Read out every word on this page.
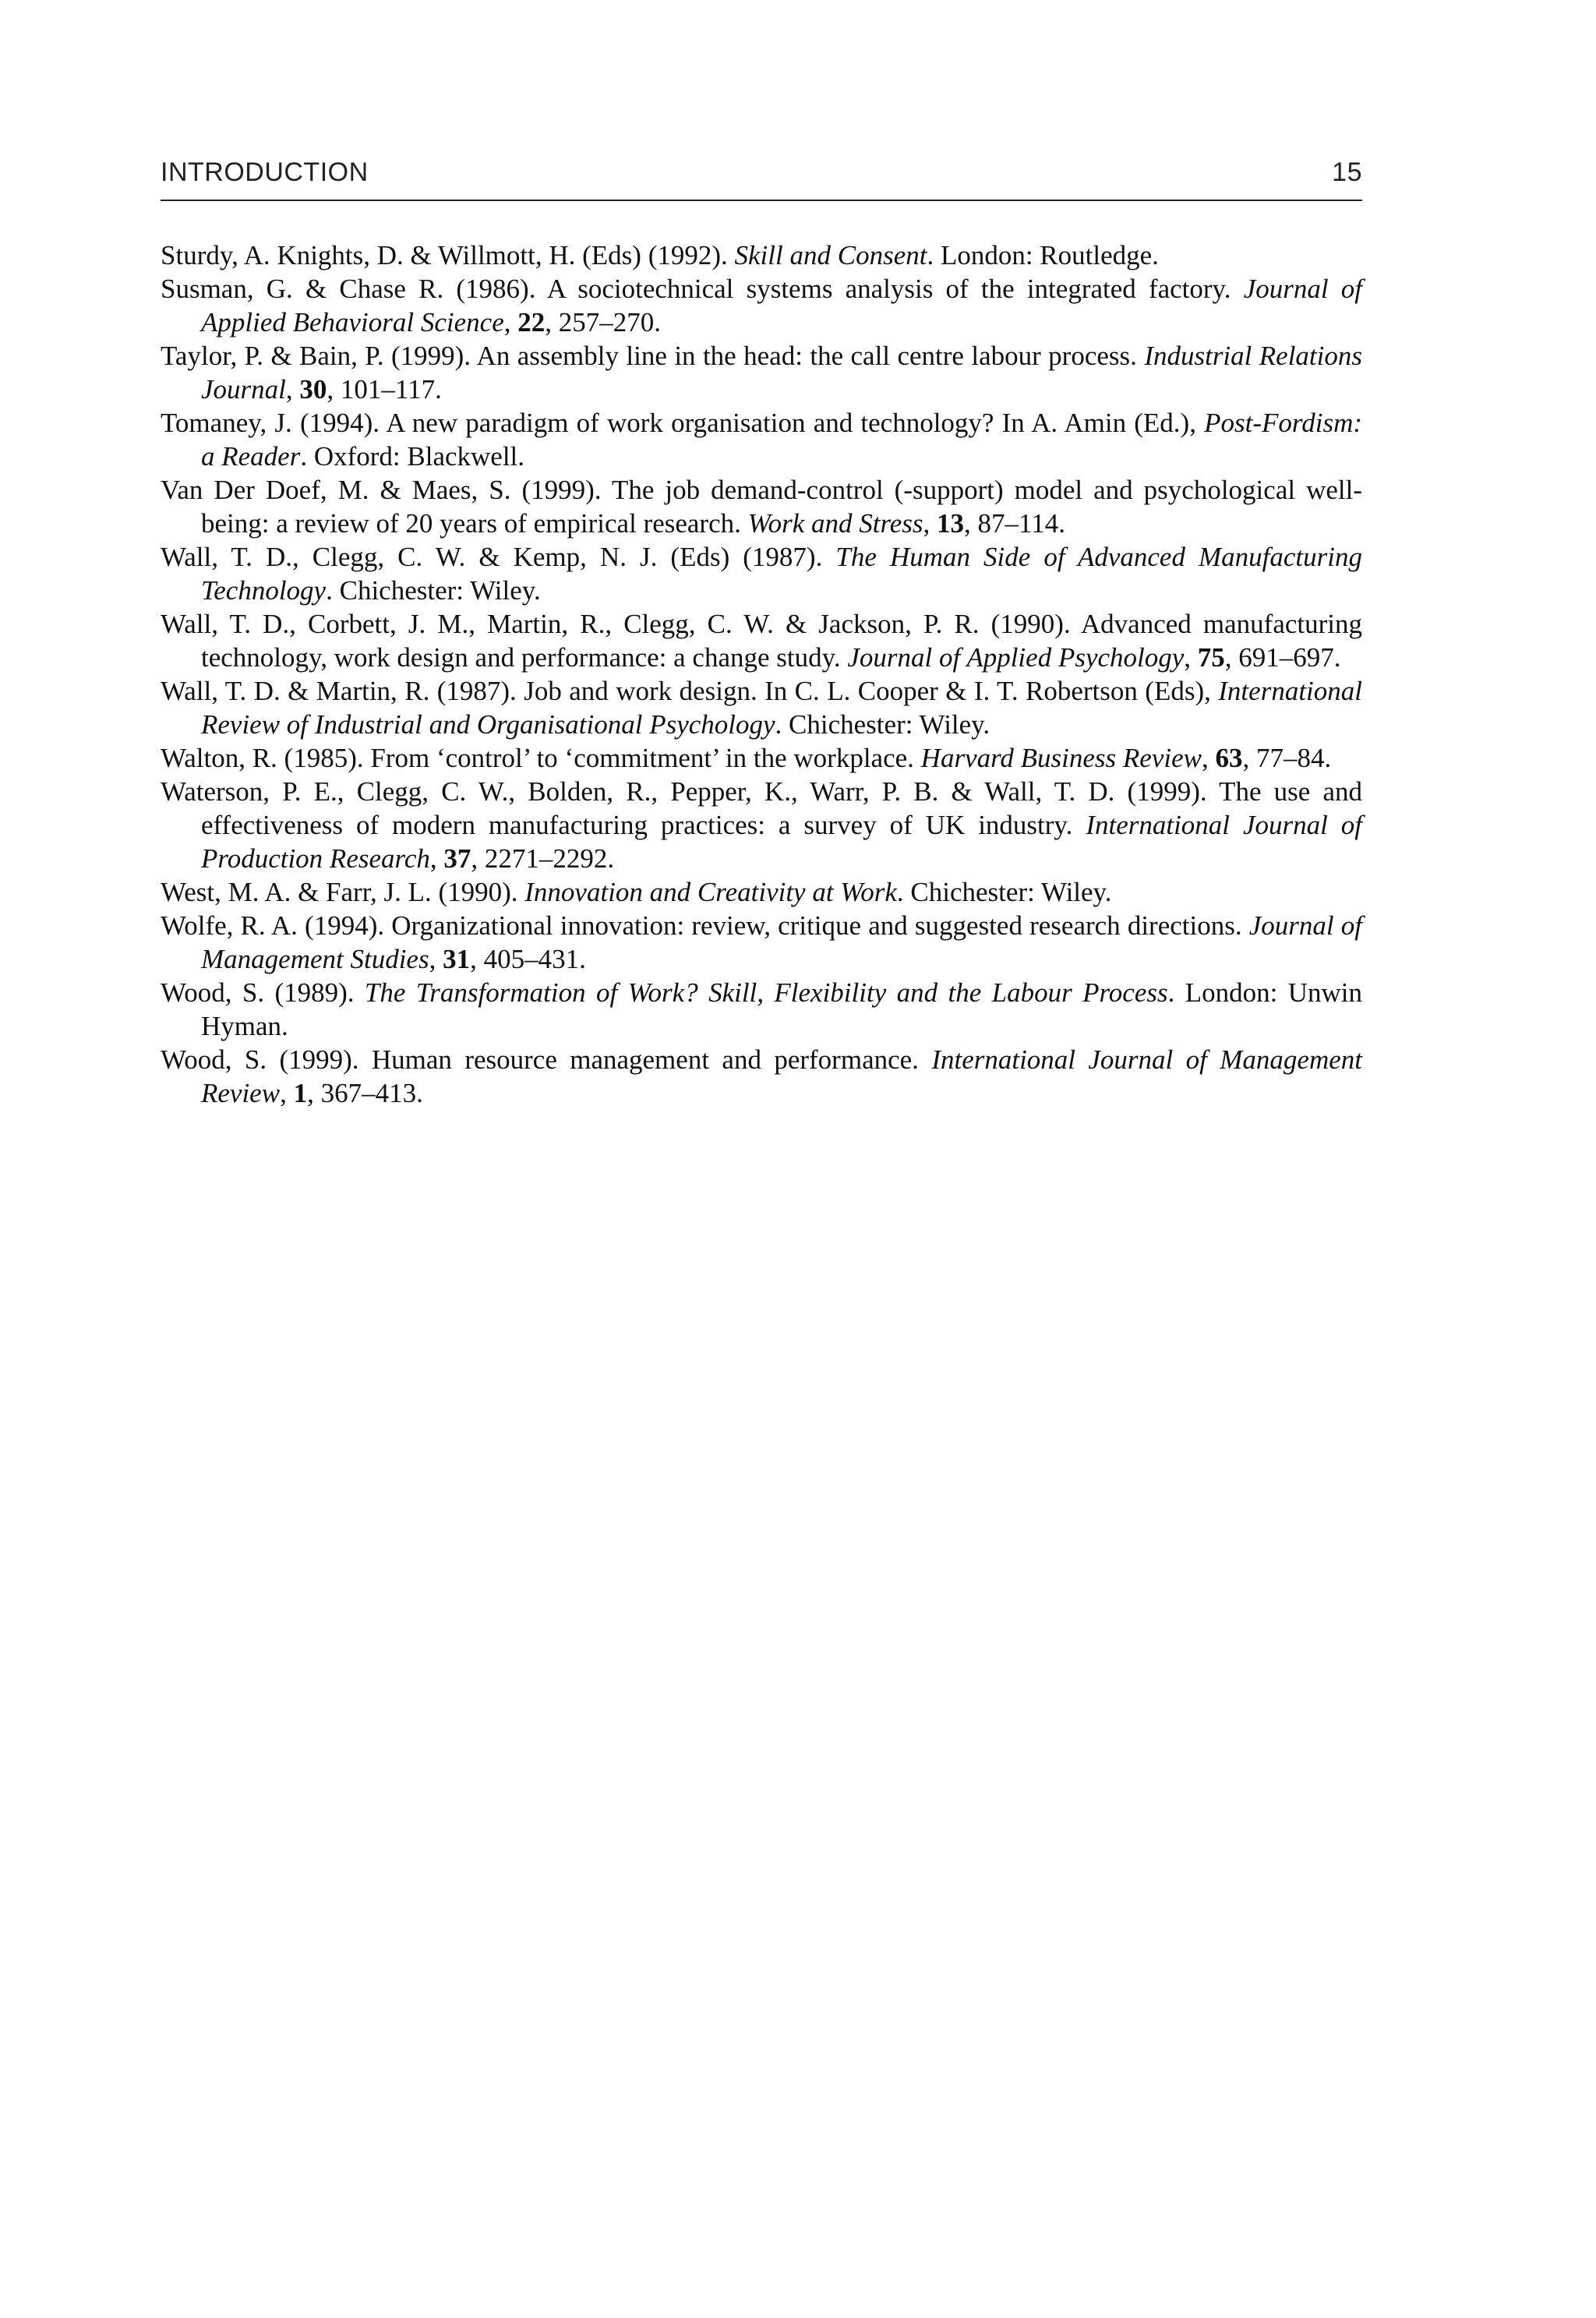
INTRODUCTION	15

Sturdy, A. Knights, D. & Willmott, H. (Eds) (1992). Skill and Consent. London: Routledge.

Susman, G. & Chase R. (1986). A sociotechnical systems analysis of the integrated factory. Journal of Applied Behavioral Science, 22, 257–270.

Taylor, P. & Bain, P. (1999). An assembly line in the head: the call centre labour process. Industrial Relations Journal, 30, 101–117.

Tomaney, J. (1994). A new paradigm of work organisation and technology? In A. Amin (Ed.), Post-Fordism: a Reader. Oxford: Blackwell.

Van Der Doef, M. & Maes, S. (1999). The job demand-control (-support) model and psychological well-being: a review of 20 years of empirical research. Work and Stress, 13, 87–114.

Wall, T. D., Clegg, C. W. & Kemp, N. J. (Eds) (1987). The Human Side of Advanced Manufacturing Technology. Chichester: Wiley.

Wall, T. D., Corbett, J. M., Martin, R., Clegg, C. W. & Jackson, P. R. (1990). Advanced manufacturing technology, work design and performance: a change study. Journal of Applied Psychology, 75, 691–697.

Wall, T. D. & Martin, R. (1987). Job and work design. In C. L. Cooper & I. T. Robertson (Eds), International Review of Industrial and Organisational Psychology. Chichester: Wiley.

Walton, R. (1985). From ‘control’ to ‘commitment’ in the workplace. Harvard Business Review, 63, 77–84.

Waterson, P. E., Clegg, C. W., Bolden, R., Pepper, K., Warr, P. B. & Wall, T. D. (1999). The use and effectiveness of modern manufacturing practices: a survey of UK industry. International Journal of Production Research, 37, 2271–2292.

West, M. A. & Farr, J. L. (1990). Innovation and Creativity at Work. Chichester: Wiley.

Wolfe, R. A. (1994). Organizational innovation: review, critique and suggested research directions. Journal of Management Studies, 31, 405–431.

Wood, S. (1989). The Transformation of Work? Skill, Flexibility and the Labour Process. London: Unwin Hyman.

Wood, S. (1999). Human resource management and performance. International Journal of Management Review, 1, 367–413.
